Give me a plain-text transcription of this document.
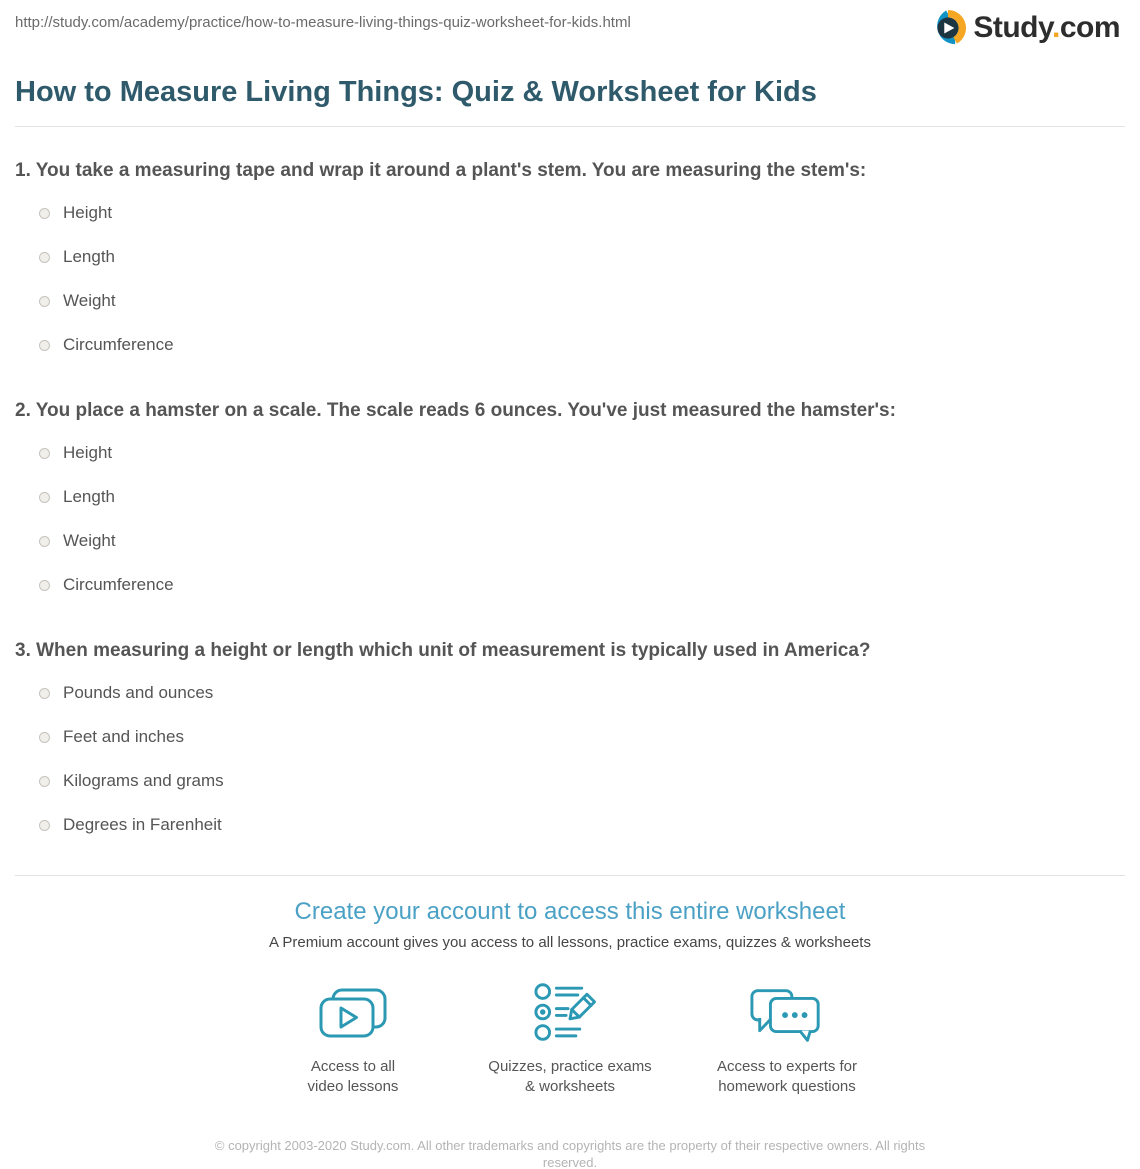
http://study.com/academy/practice/how-to-measure-living-things-quiz-worksheet-for-kids.html	Study.com
How to Measure Living Things: Quiz & Worksheet for Kids
1. You take a measuring tape and wrap it around a plant's stem. You are measuring the stem's:
Height
Length
Weight
Circumference
2. You place a hamster on a scale. The scale reads 6 ounces. You've just measured the hamster's:
Height
Length
Weight
Circumference
3. When measuring a height or length which unit of measurement is typically used in America?
Pounds and ounces
Feet and inches
Kilograms and grams
Degrees in Farenheit
Create your account to access this entire worksheet
A Premium account gives you access to all lessons, practice exams, quizzes & worksheets
Access to all
video lessons
Quizzes, practice exams
& worksheets
Access to experts for
homework questions
© copyright 2003-2020 Study.com. All other trademarks and copyrights are the property of their respective owners. All rights reserved.
